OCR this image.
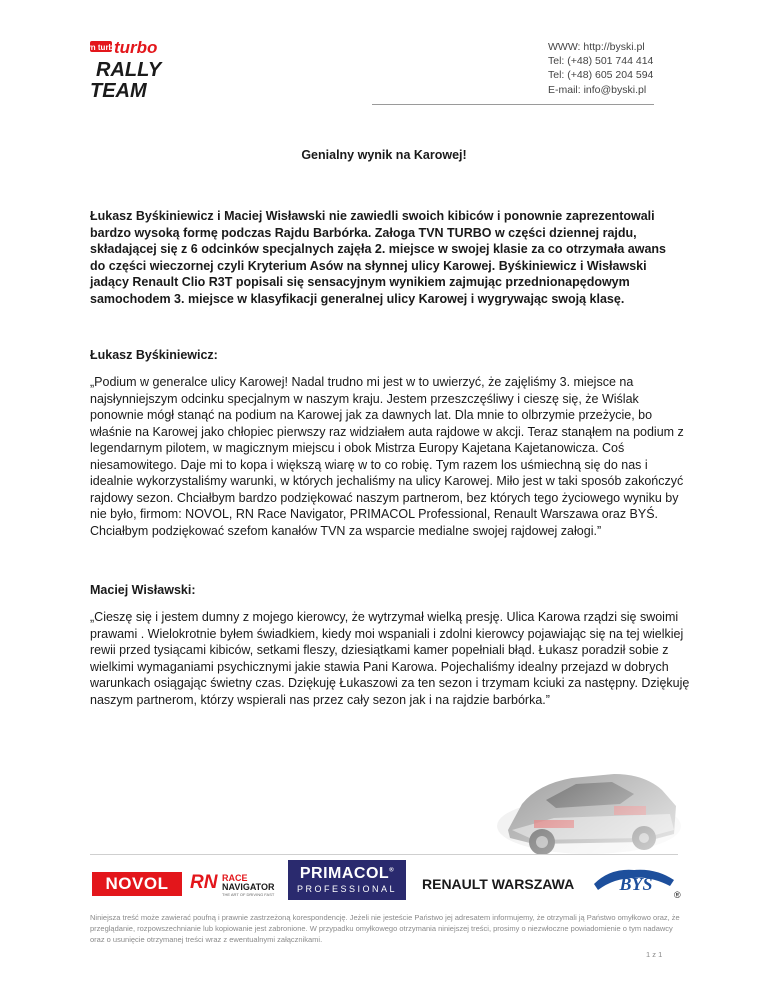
tvn turbo
turbo
RALLY
TEAM
WWW: http://byski.pl
Tel: (+48) 501 744 414
Tel: (+48) 605 204 594
E-mail: info@byski.pl
Genialny wynik na Karowej!
Łukasz Byśkiniewicz i Maciej Wisławski nie zawiedli swoich kibiców i ponownie zaprezentowali bardzo wysoką formę podczas Rajdu Barbórka. Załoga TVN TURBO w części dziennej rajdu, składającej się z 6 odcinków specjalnych zajęła 2. miejsce w swojej klasie za co otrzymała awans do części wieczornej czyli Kryterium Asów na słynnej ulicy Karowej. Byśkiniewicz i Wisławski jadący Renault Clio R3T popisali się sensacyjnym wynikiem zajmując przednionapędowym samochodem 3. miejsce w klasyfikacji generalnej ulicy Karowej i wygrywając swoją klasę.
Łukasz Byśkiniewicz:
„Podium w generalce ulicy Karowej! Nadal trudno mi jest w to uwierzyć, że zajęliśmy 3. miejsce na najsłynniejszym odcinku specjalnym w naszym kraju. Jestem przeszczęśliwy i cieszę się, że Wiślak ponownie mógł stanąć na podium na Karowej jak za dawnych lat. Dla mnie to olbrzymie przeżycie, bo właśnie na Karowej jako chłopiec pierwszy raz widziałem auta rajdowe w akcji. Teraz stanąłem na podium z legendarnym pilotem, w magicznym miejscu i obok Mistrza Europy Kajetana Kajetanowicza. Coś niesamowitego. Daje mi to kopa i większą wiarę w to co robię. Tym razem los uśmiechną się do nas i idealnie wykorzystaliśmy warunki, w których jechaliśmy na ulicy Karowej. Miło jest w taki sposób zakończyć rajdowy sezon. Chciałbym bardzo podziękować naszym partnerom, bez których tego życiowego wyniku by nie było, firmom: NOVOL, RN Race Navigator, PRIMACOL Professional, Renault Warszawa oraz BYŚ. Chciałbym podziękować szefom kanałów TVN za wsparcie medialne swojej rajdowej załogi.”
Maciej Wisławski:
„Cieszę się i jestem dumny z mojego kierowcy, że wytrzymał wielką presję. Ulica Karowa rządzi się swoimi prawami . Wielokrotnie byłem świadkiem, kiedy moi wspaniali i zdolni kierowcy pojawiając się na tej wielkiej rewii przed tysiącami kibiców, setkami fleszy, dziesiątkami kamer popełniali błąd. Łukasz poradził sobie z wielkimi wymaganiami psychicznymi jakie stawia Pani Karowa. Pojechaliśmy idealny przejazd w dobrych warunkach osiągając świetny czas. Dziękuję Łukaszowi za ten sezon i trzymam kciuki za następny. Dziękuję naszym partnerom, którzy wspierali nas przez cały sezon jak i na rajdzie barbórka.”
NOVOL	RN RACE
NAVIGATOR
THE ART OF DRIVING FAST
PRIMACOL®
PROFESSIONAL	RENAULT WARSZAWA	BYŚ
®
Niniejsza treść może zawierać poufną i prawnie zastrzeżoną korespondencję. Jeżeli nie jesteście Państwo jej adresatem informujemy, że otrzymali ją Państwo omyłkowo oraz, że przeglądanie, rozpowszechnianie lub kopiowanie jest zabronione. W przypadku omyłkowego otrzymania niniejszej treści, prosimy o niezwłoczne powiadomienie o tym nadawcy oraz o usunięcie otrzymanej treści wraz z ewentualnymi załącznikami.
1 z 1
